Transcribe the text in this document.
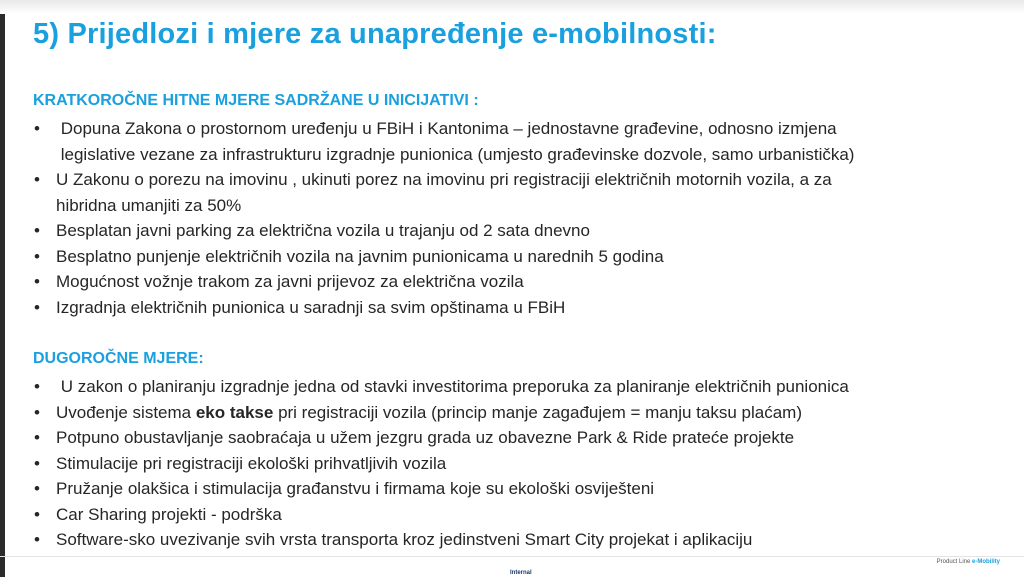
5) Prijedlozi i mjere za unapređenje e-mobilnosti:
KRATKOROČNE HITNE MJERE SADRŽANE U INICIJATIVI :
• Dopuna Zakona o prostornom uređenju u FBiH i Kantonima – jednostavne građevine, odnosno izmjena
legislative vezane za infrastrukturu izgradnje punionica (umjesto građevinske dozvole, samo urbanistička)
• U Zakonu o porezu na imovinu , ukinuti porez na imovinu pri registraciji električnih motornih vozila, a za
hibridna umanjiti za 50%
• Besplatan javni parking za električna vozila u trajanju od 2 sata dnevno
• Besplatno punjenje električnih vozila na javnim punionicama u narednih 5 godina
• Mogućnost vožnje trakom za javni prijevoz za električna vozila
• Izgradnja električnih punionica u saradnji sa svim opštinama u FBiH
DUGOROČNE MJERE:
• U zakon o planiranju izgradnje jedna od stavki investitorima preporuka za planiranje električnih punionica
• Uvođenje sistema eko takse pri registraciji vozila (princip manje zagađujem = manju taksu plaćam)
• Potpuno obustavljanje saobraćaja u užem jezgru grada uz obavezne Park & Ride prateće projekte
• Stimulacije pri registraciji ekološki prihvatljivih vozila
• Pružanje olakšica i stimulacija građanstvu i firmama koje su ekološki osviješteni
• Car Sharing projekti - podrška
• Software-sko uvezivanje svih vrsta transporta kroz jedinstveni Smart City projekat i aplikaciju
Product Line e-Mobility
Internal
